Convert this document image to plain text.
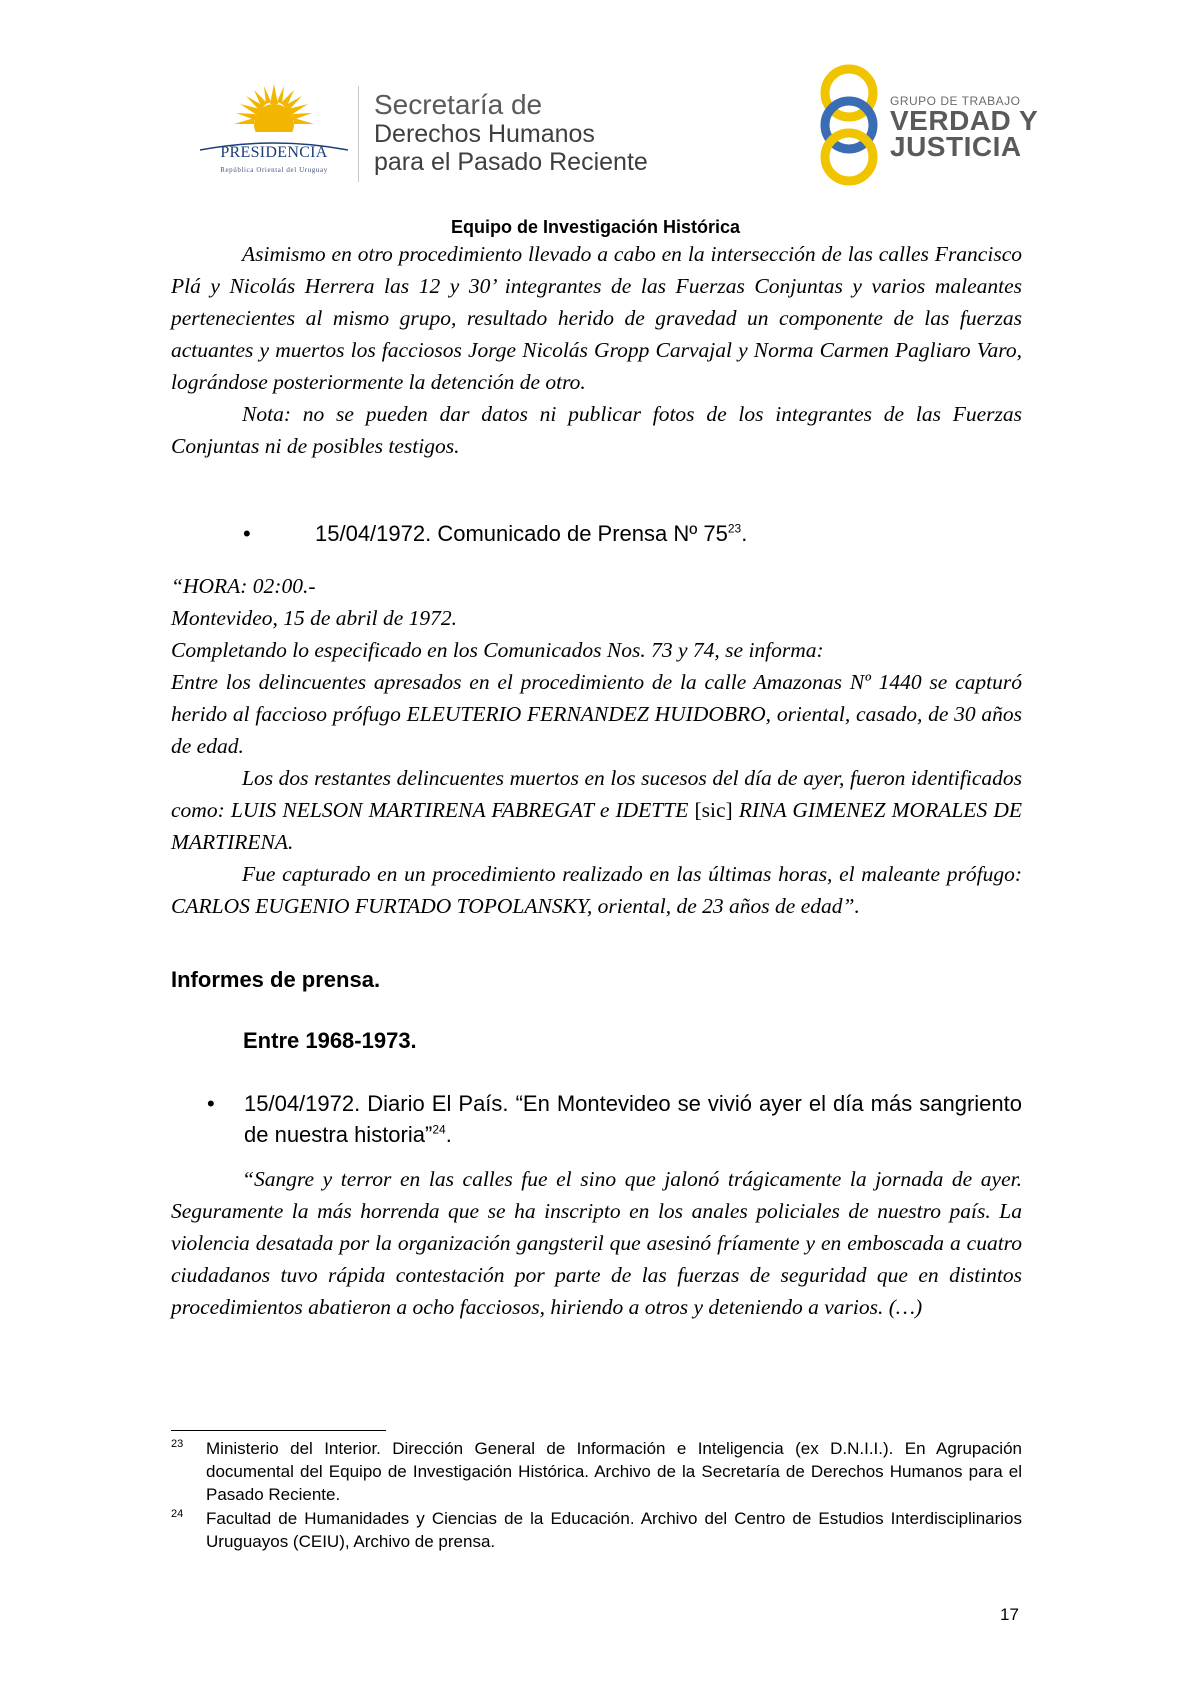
PRESIDENCIA
República Oriental del Uruguay
Secretaría de
Derechos Humanos
para el Pasado Reciente
GRUPO DE TRABAJO
VERDAD Y
JUSTICIA
Equipo de Investigación Histórica

Asimismo en otro procedimiento llevado a cabo en la intersección de las calles Francisco Plá y Nicolás Herrera las 12 y 30’ integrantes de las Fuerzas Conjuntas y varios maleantes pertenecientes al mismo grupo, resultado herido de gravedad un componente de las fuerzas actuantes y muertos los facciosos Jorge Nicolás Gropp Carvajal y Norma Carmen Pagliaro Varo, lográndose posteriormente la detención de otro.

Nota: no se pueden dar datos ni publicar fotos de los integrantes de las Fuerzas Conjuntas ni de posibles testigos.

•	15/04/1972. Comunicado de Prensa Nº $75^{23}$.

“HORA: 02:00.-

Montevideo, 15 de abril de 1972.

Completando lo especificado en los Comunicados Nos. 73 y 74, se informa:

Entre los delincuentes apresados en el procedimiento de la calle Amazonas Nº 1440 se capturó herido al faccioso prófugo ELEUTERIO FERNANDEZ HUIDOBRO, oriental, casado, de 30 años de edad.

Los dos restantes delincuentes muertos en los sucesos del día de ayer, fueron identificados como: LUIS NELSON MARTIRENA FABREGAT e IDETTE [sic] RINA GIMENEZ MORALES DE MARTIRENA.

Fue capturado en un procedimiento realizado en las últimas horas, el maleante prófugo: CARLOS EUGENIO FURTADO TOPOLANSKY, oriental, de 23 años de edad”.

Informes de prensa.
Entre 1968-1973.
•	15/04/1972. Diario El País. “En Montevideo se vivió ayer el día más sangriento de nuestra historia”$^{24}$.

“Sangre y terror en las calles fue el sino que jalonó trágicamente la jornada de ayer. Seguramente la más horrenda que se ha inscripto en los anales policiales de nuestro país. La violencia desatada por la organización gangsteril que asesinó fríamente y en emboscada a cuatro ciudadanos tuvo rápida contestación por parte de las fuerzas de seguridad que en distintos procedimientos abatieron a ocho facciosos, hiriendo a otros y deteniendo a varios. (…)

23 Ministerio del Interior. Dirección General de Información e Inteligencia (ex D.N.I.I.). En Agrupación documental del Equipo de Investigación Histórica. Archivo de la Secretaría de Derechos Humanos para el Pasado Reciente.
24 Facultad de Humanidades y Ciencias de la Educación. Archivo del Centro de Estudios Interdisciplinarios Uruguayos (CEIU), Archivo de prensa.
17
